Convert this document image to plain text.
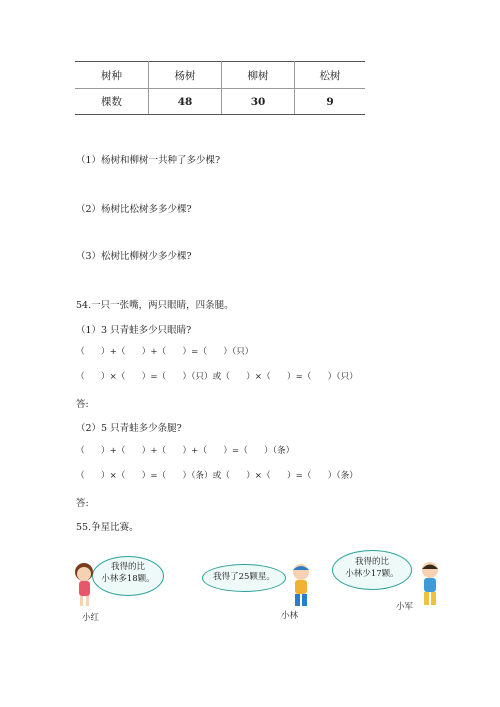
树种	杨树	柳树	松树
棵数	48	30	9
（1）杨树和柳树一共种了多少棵?
（2）杨树比松树多多少棵?
（3）松树比柳树少多少棵?
54.一只一张嘴，两只眼睛，四条腿。
（1）3 只青蛙多少只眼睛?
（      ）+（      ）+（      ）=（      ）（只）
（      ）×（      ）=（      ）（只）或（      ）×（      ）=（      ）（只）
答:
（2）5 只青蛙多少条腿?
（      ）+（      ）+（      ）+（      ）=（      ）（条）
（      ）×（      ）=（      ）（条）或（      ）×（      ）=（      ）（条）
答:
55.争星比赛。
我得的比
小林多18颗。
小红
我得了25颗星。
小林
我得的比
小林少17颗。
小军
